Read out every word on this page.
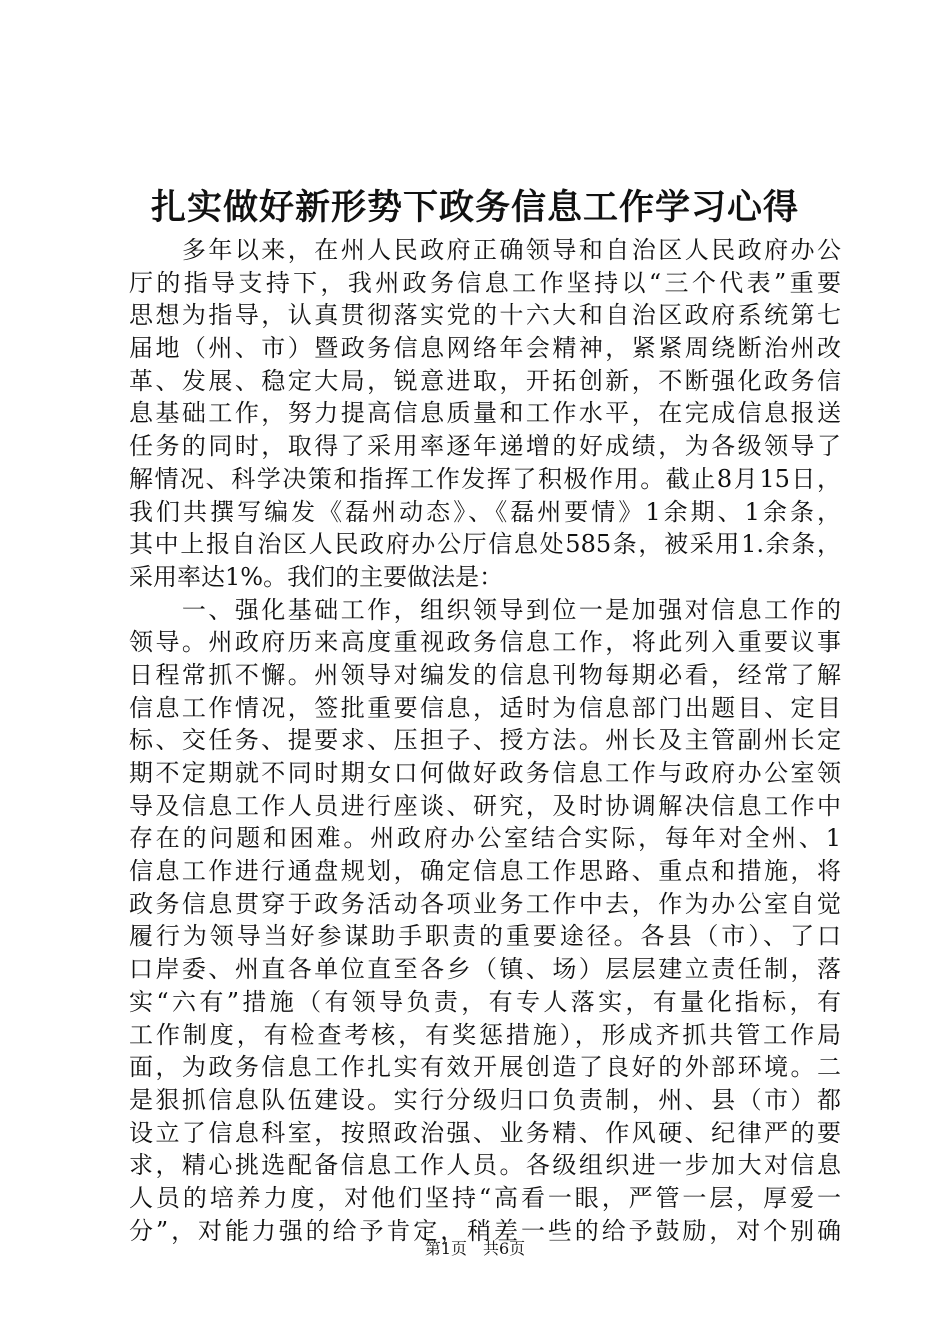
扎实做好新形势下政务信息工作学习心得
　　多年以来，在州人民政府正确领导和自治区人民政府办公
厅的指导支持下，我州政务信息工作坚持以“三个代表”重要
思想为指导，认真贯彻落实党的十六大和自治区政府系统第七
届地（州、市）暨政务信息网络年会精神，紧紧周绕断治州改
革、发展、稳定大局，锐意进取，开拓创新，不断强化政务信
息基础工作，努力提高信息质量和工作水平，在完成信息报送
任务的同时，取得了采用率逐年递增的好成绩，为各级领导了
解情况、科学决策和指挥工作发挥了积极作用。截止8月15日，
我们共撰写编发《磊州动态》、《磊州要情》1余期、1余条，
其中上报自治区人民政府办公厅信息处585条，被采用1.余条，
采用率达1%。我们的主要做法是：
　　一、强化基础工作，组织领导到位一是加强对信息工作的
领导。州政府历来高度重视政务信息工作，将此列入重要议事
日程常抓不懈。州领导对编发的信息刊物每期必看，经常了解
信息工作情况，签批重要信息，适时为信息部门出题目、定目
标、交任务、提要求、压担子、授方法。州长及主管副州长定
期不定期就不同时期女口何做好政务信息工作与政府办公室领
导及信息工作人员进行座谈、研究，及时协调解决信息工作中
存在的问题和困难。州政府办公室结合实际，每年对全州、1
信息工作进行通盘规划，确定信息工作思路、重点和措施，将
政务信息贯穿于政务活动各项业务工作中去，作为办公室自觉
履行为领导当好参谋助手职责的重要途径。各县（市）、了口
口岸委、州直各单位直至各乡（镇、场）层层建立责任制，落
实“六有”措施（有领导负责，有专人落实，有量化指标，有
工作制度，有检查考核，有奖惩措施），形成齐抓共管工作局
面，为政务信息工作扎实有效开展创造了良好的外部环境。二
是狠抓信息队伍建设。实行分级归口负责制，州、县（市）都
设立了信息科室，按照政治强、业务精、作风硬、纪律严的要
求，精心挑选配备信息工作人员。各级组织进一步加大对信息
人员的培养力度，对他们坚持“高看一眼，严管一层，厚爱一
分”，对能力强的给予肯定，稍差一些的给予鼓励，对个别确
第1页　共6页
